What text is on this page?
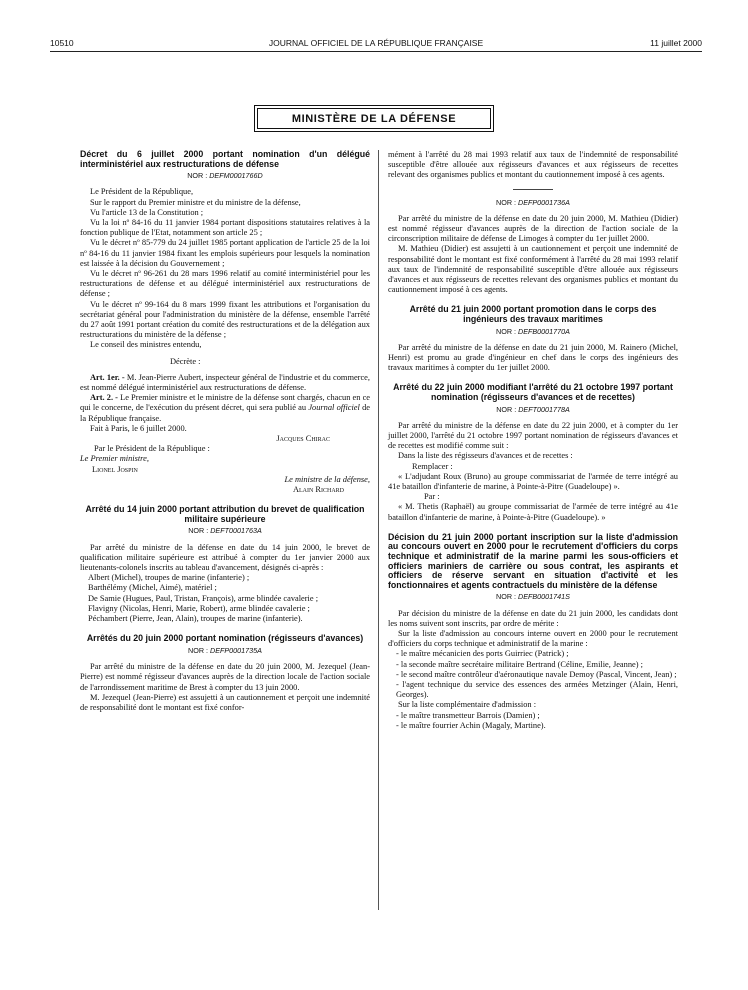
10510	JOURNAL OFFICIEL DE LA RÉPUBLIQUE FRANÇAISE	11 juillet 2000
MINISTÈRE DE LA DÉFENSE
Décret du 6 juillet 2000 portant nomination d'un délégué interministériel aux restructurations de défense
NOR : DEFM0001766D

Le Président de la République,

Sur le rapport du Premier ministre et du ministre de la défense,

Vu l'article 13 de la Constitution ;

Vu la loi nº 84-16 du 11 janvier 1984 portant dispositions statutaires relatives à la fonction publique de l'Etat, notamment son article 25 ;

Vu le décret nº 85-779 du 24 juillet 1985 portant application de l'article 25 de la loi nº 84-16 du 11 janvier 1984 fixant les emplois supérieurs pour lesquels la nomination est laissée à la décision du Gouvernement ;

Vu le décret nº 96-261 du 28 mars 1996 relatif au comité interministériel pour les restructurations de défense et au délégué interministériel aux restructurations de défense ;

Vu le décret nº 99-164 du 8 mars 1999 fixant les attributions et l'organisation du secrétariat général pour l'administration du ministère de la défense, ensemble l'arrêté du 27 août 1991 portant création du comité des restructurations et de la délégation aux restructurations du ministère de la défense ;

Le conseil des ministres entendu,

Décrète :

Art. 1er. - M. Jean-Pierre Aubert, inspecteur général de l'industrie et du commerce, est nommé délégué interministériel aux restructurations de défense.

Art. 2. - Le Premier ministre et le ministre de la défense sont chargés, chacun en ce qui le concerne, de l'exécution du présent décret, qui sera publié au Journal officiel de la République française.

Fait à Paris, le 6 juillet 2000.

Jacques Chirac

Par le Président de la République :

Le Premier ministre,
Lionel Jospin
Le ministre de la défense,
Alain Richard
Arrêté du 14 juin 2000 portant attribution du brevet de qualification militaire supérieure
NOR : DEFT0001763A

Par arrêté du ministre de la défense en date du 14 juin 2000, le brevet de qualification militaire supérieure est attribué à compter du 1er janvier 2000 aux lieutenants-colonels inscrits au tableau d'avancement, désignés ci-après :

Albert (Michel), troupes de marine (infanterie) ;

Barthélémy (Michel, Aimé), matériel ;

De Samie (Hugues, Paul, Tristan, François), arme blindée cavalerie ;

Flavigny (Nicolas, Henri, Marie, Robert), arme blindée cavalerie ;

Péchambert (Pierre, Jean, Alain), troupes de marine (infanterie).

Arrêtés du 20 juin 2000 portant nomination (régisseurs d'avances)
NOR : DEFP0001735A

Par arrêté du ministre de la défense en date du 20 juin 2000, M. Jezequel (Jean-Pierre) est nommé régisseur d'avances auprès de la direction locale de l'action sociale de l'arrondissement maritime de Brest à compter du 13 juin 2000.

M. Jezequel (Jean-Pierre) est assujetti à un cautionnement et perçoit une indemnité de responsabilité dont le montant est fixé confor-

mément à l'arrêté du 28 mai 1993 relatif aux taux de l'indemnité de responsabilité susceptible d'être allouée aux régisseurs d'avances et aux régisseurs de recettes relevant des organismes publics et montant du cautionnement imposé à ces agents.

NOR : DEFP0001736A

Par arrêté du ministre de la défense en date du 20 juin 2000, M. Mathieu (Didier) est nommé régisseur d'avances auprès de la direction de l'action sociale de la circonscription militaire de défense de Limoges à compter du 1er juillet 2000.

M. Mathieu (Didier) est assujetti à un cautionnement et perçoit une indemnité de responsabilité dont le montant est fixé conformément à l'arrêté du 28 mai 1993 relatif aux taux de l'indemnité de responsabilité susceptible d'être allouée aux régisseurs d'avances et aux régisseurs de recettes relevant des organismes publics et montant du cautionnement imposé à ces agents.

Arrêté du 21 juin 2000 portant promotion dans le corps des ingénieurs des travaux maritimes
NOR : DEFB0001770A

Par arrêté du ministre de la défense en date du 21 juin 2000, M. Rainero (Michel, Henri) est promu au grade d'ingénieur en chef dans le corps des ingénieurs des travaux maritimes à compter du 1er juillet 2000.

Arrêté du 22 juin 2000 modifiant l'arrêté du 21 octobre 1997 portant nomination (régisseurs d'avances et de recettes)
NOR : DEFT0001778A

Par arrêté du ministre de la défense en date du 22 juin 2000, et à compter du 1er juillet 2000, l'arrêté du 21 octobre 1997 portant nomination de régisseurs d'avances et de recettes est modifié comme suit :

Dans la liste des régisseurs d'avances et de recettes :

Remplacer :

« L'adjudant Roux (Bruno) au groupe commissariat de l'armée de terre intégré au 41e bataillon d'infanterie de marine, à Pointe-à-Pitre (Guadeloupe) ».

Par :

« M. Thetis (Raphaël) au groupe commissariat de l'armée de terre intégré au 41e bataillon d'infanterie de marine, à Pointe-à-Pitre (Guadeloupe). »

Décision du 21 juin 2000 portant inscription sur la liste d'admission au concours ouvert en 2000 pour le recrutement d'officiers du corps technique et administratif de la marine parmi les sous-officiers et officiers mariniers de carrière ou sous contrat, les aspirants et officiers de réserve servant en situation d'activité et les fonctionnaires et agents contractuels du ministère de la défense
NOR : DEFB0001741S

Par décision du ministre de la défense en date du 21 juin 2000, les candidats dont les noms suivent sont inscrits, par ordre de mérite :

Sur la liste d'admission au concours interne ouvert en 2000 pour le recrutement d'officiers du corps technique et administratif de la marine :

- le maître mécanicien des ports Guirriec (Patrick) ;

- la seconde maître secrétaire militaire Bertrand (Céline, Emilie, Jeanne) ;

- le second maître contrôleur d'aéronautique navale Demoy (Pascal, Vincent, Jean) ;

- l'agent technique du service des essences des armées Metzinger (Alain, Henri, Georges).

Sur la liste complémentaire d'admission :

- le maître transmetteur Barrois (Damien) ;

- le maître fourrier Achin (Magaly, Martine).
